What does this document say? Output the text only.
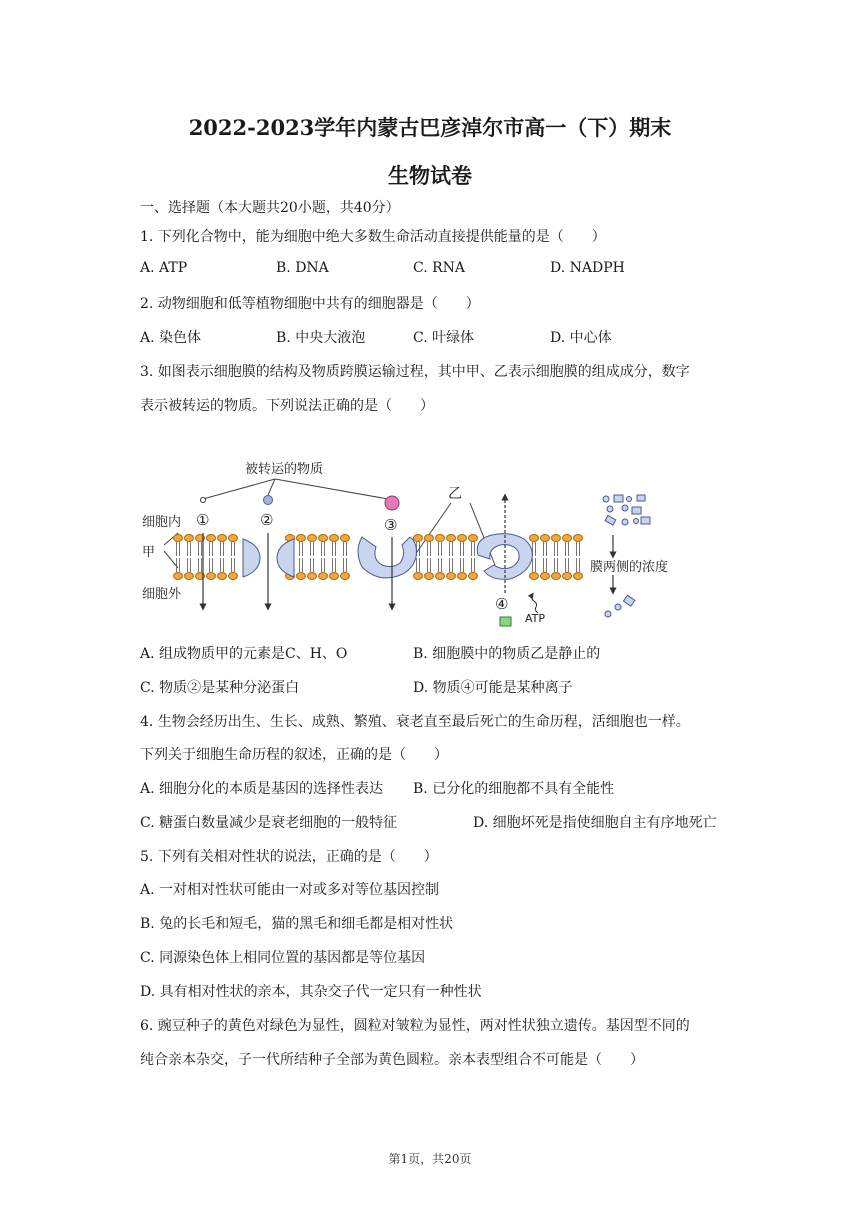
2022-2023学年内蒙古巴彦淖尔市高一（下）期末
生物试卷
一、选择题（本大题共20小题，共40分）
1. 下列化合物中，能为细胞中绝大多数生命活动直接提供能量的是（　　）
A. ATP	B. DNA	C. RNA	D. NADPH
2. 动物细胞和低等植物细胞中共有的细胞器是（　　）
A. 染色体	B. 中央大液泡	C. 叶绿体	D. 中心体
3. 如图表示细胞膜的结构及物质跨膜运输过程，其中甲、乙表示细胞膜的组成成分，数字
表示被转运的物质。下列说法正确的是（　　）
被转运的物质
细胞内
甲
细胞外
乙
膜两侧的浓度
ATP
①	②	③
④
A. 组成物质甲的元素是C、H、O	B. 细胞膜中的物质乙是静止的
C. 物质②是某种分泌蛋白	D. 物质④可能是某种离子
4. 生物会经历出生、生长、成熟、繁殖、衰老直至最后死亡的生命历程，活细胞也一样。
下列关于细胞生命历程的叙述，正确的是（　　）
A. 细胞分化的本质是基因的选择性表达 B. 已分化的细胞都不具有全能性
C. 糖蛋白数量减少是衰老细胞的一般特征	D. 细胞坏死是指使细胞自主有序地死亡
5. 下列有关相对性状的说法，正确的是（　　）
A. 一对相对性状可能由一对或多对等位基因控制
B. 兔的长毛和短毛，猫的黑毛和细毛都是相对性状
C. 同源染色体上相同位置的基因都是等位基因
D. 具有相对性状的亲本，其杂交子代一定只有一种性状
6. 豌豆种子的黄色对绿色为显性，圆粒对皱粒为显性，两对性状独立遗传。基因型不同的
纯合亲本杂交，子一代所结种子全部为黄色圆粒。亲本表型组合不可能是（　　）
第1页，共20页
